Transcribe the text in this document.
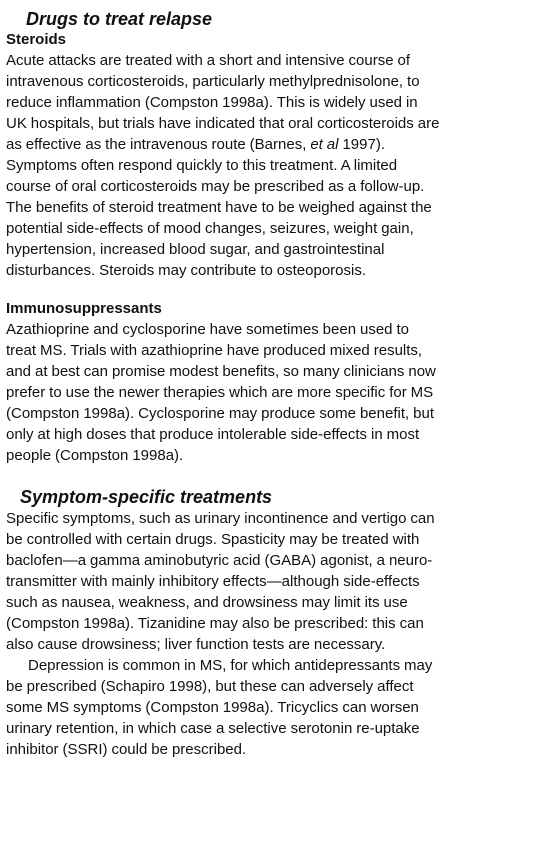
Drugs to treat relapse
Steroids

Acute attacks are treated with a short and intensive course of
intravenous corticosteroids, particularly methylprednisolone, to
reduce inflammation (Compston 1998a). This is widely used in
UK hospitals, but trials have indicated that oral corticosteroids are
as effective as the intravenous route (Barnes, et al 1997).
Symptoms often respond quickly to this treatment. A limited
course of oral corticosteroids may be prescribed as a follow-up.
The benefits of steroid treatment have to be weighed against the
potential side-effects of mood changes, seizures, weight gain,
hypertension, increased blood sugar, and gastrointestinal
disturbances. Steroids may contribute to osteoporosis.

Immunosuppressants

Azathioprine and cyclosporine have sometimes been used to
treat MS. Trials with azathioprine have produced mixed results,
and at best can promise modest benefits, so many clinicians now
prefer to use the newer therapies which are more specific for MS
(Compston 1998a). Cyclosporine may produce some benefit, but
only at high doses that produce intolerable side-effects in most
people (Compston 1998a).

Symptom-specific treatments

Specific symptoms, such as urinary incontinence and vertigo can
be controlled with certain drugs. Spasticity may be treated with
baclofen—a gamma aminobutyric acid (GABA) agonist, a neuro-
transmitter with mainly inhibitory effects—although side-effects
such as nausea, weakness, and drowsiness may limit its use
(Compston 1998a). Tizanidine may also be prescribed: this can
also cause drowsiness; liver function tests are necessary.

Depression is common in MS, for which antidepressants may
be prescribed (Schapiro 1998), but these can adversely affect
some MS symptoms (Compston 1998a). Tricyclics can worsen
urinary retention, in which case a selective serotonin re-uptake
inhibitor (SSRI) could be prescribed.
